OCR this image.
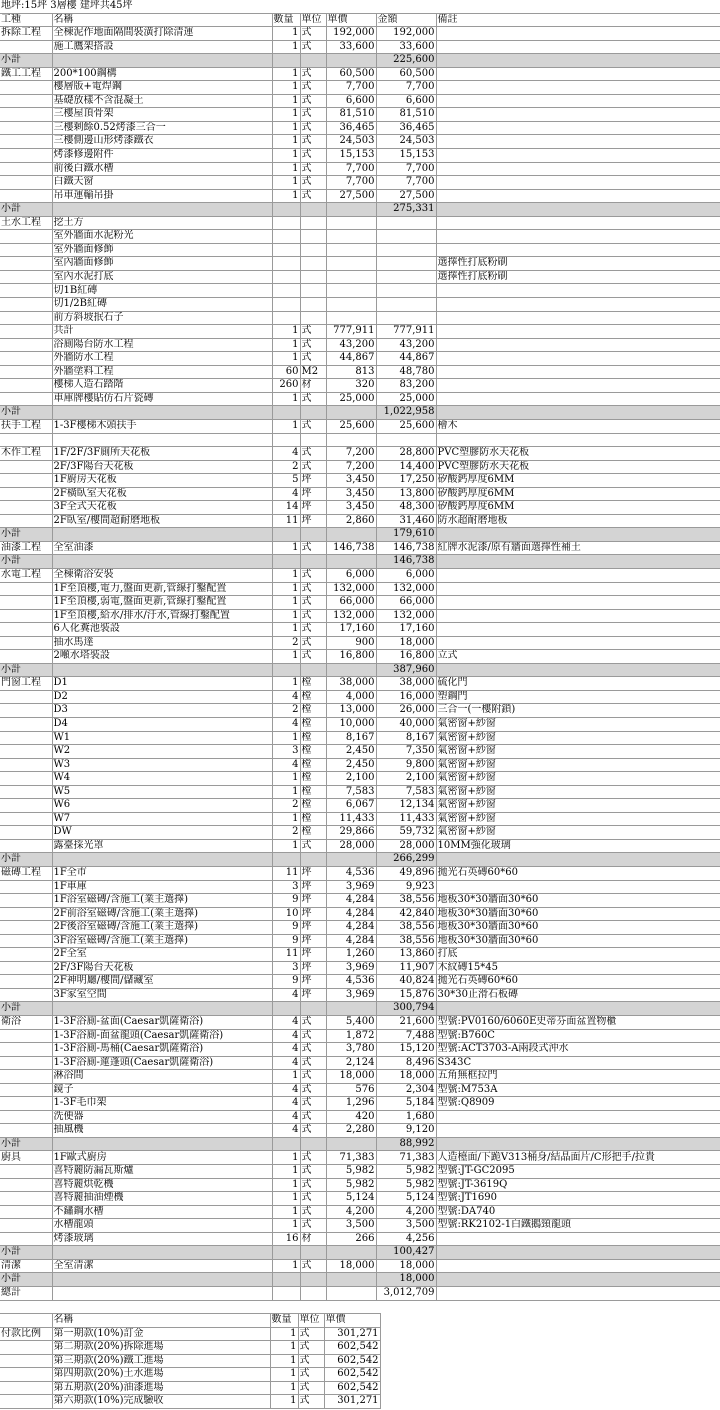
地坪:15坪 3層樓 建坪共45坪						
工種	名稱	數量	單位	單價	金額	備註
拆除工程	全棟泥作地面隔間裝潢打除清運	1	式	192,000	192,000	
	施工鷹架搭設	1	式	33,600	33,600	
小計					225,600	
鐵工工程	200*100鋼構	1	式	60,500	60,500	
	樓層版+電焊鋼	1	式	7,700	7,700	
	基礎放樣不含混凝土	1	式	6,600	6,600	
	三樓屋頂骨架	1	式	81,510	81,510	
	三樓剩餘0.52烤漆三合一	1	式	36,465	36,465	
	三樓側邊山形烤漆鐵衣	1	式	24,503	24,503	
	烤漆修邊附件	1	式	15,153	15,153	
	前後白鐵水槽	1	式	7,700	7,700	
	白鐵天窗	1	式	7,700	7,700	
	吊車運輸吊掛	1	式	27,500	27,500	
小計					275,331	
土水工程	挖土方					
	室外牆面水泥粉光					
	室外牆面修飾					
	室內牆面修飾					選擇性打底粉刷
	室內水泥打底					選擇性打底粉刷
	切1B紅磚					
	切1/2B紅磚					
	前方斜坡抿石子					
	共計	1	式	777,911	777,911	
	浴廁陽台防水工程	1	式	43,200	43,200	
	外牆防水工程	1	式	44,867	44,867	
	外牆塗料工程	60	M2	813	48,780	
	樓梯人造石踏階	260	材	320	83,200	
	車庫牌樓貼仿石片瓷磚	1	式	25,000	25,000	
小計					1,022,958	
扶手工程	1-3F樓梯木頭扶手	1	式	25,600	25,600	檜木

木作工程	1F/2F/3F廁所天花板	4	式	7,200	28,800	PVC塑膠防水天花板
	2F/3F陽台天花板	2	式	7,200	14,400	PVC塑膠防水天花板
	1F廚房天花板	5	坪	3,450	17,250	矽酸鈣厚度6MM
	2F橫臥室天花板	4	坪	3,450	13,800	矽酸鈣厚度6MM
	3F全式天花板	14	坪	3,450	48,300	矽酸鈣厚度6MM
	2F臥室/樓間超耐磨地板	11	坪	2,860	31,460	防水超耐磨地板
小計					179,610	
油漆工程	全室油漆	1	式	146,738	146,738	紅牌水泥漆/原有牆面選擇性補土
小計					146,738	
水電工程	全棟衛浴安裝	1	式	6,000	6,000	
	1F至頂樓,電力,盤面更新,管線打鑿配置	1	式	132,000	132,000	
	1F至頂樓,弱電,盤面更新,管線打鑿配置	1	式	66,000	66,000	
	1F至頂樓,給水/排水/汙水,管線打鑿配置	1	式	132,000	132,000	
	6人化糞池裝設	1	式	17,160	17,160	
	抽水馬達	2	式	900	18,000	
	2噸水塔裝設	1	式	16,800	16,800	立式
小計					387,960	
門窗工程	D1	1	樘	38,000	38,000	硫化門
	D2	4	樘	4,000	16,000	塑鋼門
	D3	2	樘	13,000	26,000	三合一(一樓附鎖)
	D4	4	樘	10,000	40,000	氣密窗+紗窗
	W1	1	樘	8,167	8,167	氣密窗+紗窗
	W2	3	樘	2,450	7,350	氣密窗+紗窗
	W3	4	樘	2,450	9,800	氣密窗+紗窗
	W4	1	樘	2,100	2,100	氣密窗+紗窗
	W5	1	樘	7,583	7,583	氣密窗+紗窗
	W6	2	樘	6,067	12,134	氣密窗+紗窗
	W7	1	樘	11,433	11,433	氣密窗+紗窗
	DW	2	樘	29,866	59,732	氣密窗+紗窗
	露臺採光罩	1	式	28,000	28,000	10MM強化玻璃
小計					266,299	
磁磚工程	1F全市	11	坪	4,536	49,896	拋光石英磚60*60
	1F車庫	3	坪	3,969	9,923	
	1F浴室磁磚/含施工(業主選擇)	9	坪	4,284	38,556	地板30*30牆面30*60
	2F前浴室磁磚/含施工(業主選擇)	10	坪	4,284	42,840	地板30*30牆面30*60
	2F後浴室磁磚/含施工(業主選擇)	9	坪	4,284	38,556	地板30*30牆面30*60
	3F浴室磁磚/含施工(業主選擇)	9	坪	4,284	38,556	地板30*30牆面30*60
	2F全室	11	坪	1,260	13,860	打底
	2F/3F陽台天花板	3	坪	3,969	11,907	木紋磚15*45
	2F神明廳/樓間/儲藏室	9	坪	4,536	40,824	拋光石英磚60*60
	3F家室空間	4	坪	3,969	15,876	30*30止滑石板磚
小計					300,794	
衛浴	1-3F浴廁-盆面(Caesar凱薩衛浴)	4	式	5,400	21,600	型號:PV0160/6060E史蒂芬面盆置物櫃
	1-3F浴廁-面盆龍頭(Caesar凱薩衛浴)	4	式	1,872	7,488	型號:B760C
	1-3F浴廁-馬桶(Caesar凱薩衛浴)	4	式	3,780	15,120	型號:ACT3703-A兩段式沖水
	1-3F浴廁-蓮蓬頭(Caesar凱薩衛浴)	4	式	2,124	8,496	S343C
	淋浴間	1	式	18,000	18,000	五角無框拉門
	鏡子	4	式	576	2,304	型號:M753A
	1-3F毛巾架	4	式	1,296	5,184	型號:Q8909
	洗便器	4	式	420	1,680	
	抽風機	4	式	2,280	9,120	
小計					88,992	
廚具	1F歐式廚房	1	式	71,383	71,383	人造檯面/下跪V313桶身/結晶面片/C形把手/拉貴
	喜特麗防漏瓦斯爐	1	式	5,982	5,982	型號:JT-GC2095
	喜特麗烘乾機	1	式	5,982	5,982	型號:JT-3619Q
	喜特麗抽油煙機	1	式	5,124	5,124	型號:JT1690
	不鏽鋼水槽	1	式	4,200	4,200	型號:DA740
	水槽龍頭	1	式	3,500	3,500	型號:RK2102-1白鐵鵝頸龍頭
	烤漆玻璃	16	材	266	4,256	
小計					100,427	
清潔	全室清潔	1	式	18,000	18,000	
小計					18,000	
總計					3,012,709	

	名稱	數量	單位	單價
付款比例	第一期款(10%)訂金	1	式	301,271
	第二期款(20%)拆除進場	1	式	602,542
	第三期款(20%)鐵工進場	1	式	602,542
	第四期款(20%)土水進場	1	式	602,542
	第五期款(20%)油漆進場	1	式	602,542
	第六期款(10%)完成驗收	1	式	301,271
